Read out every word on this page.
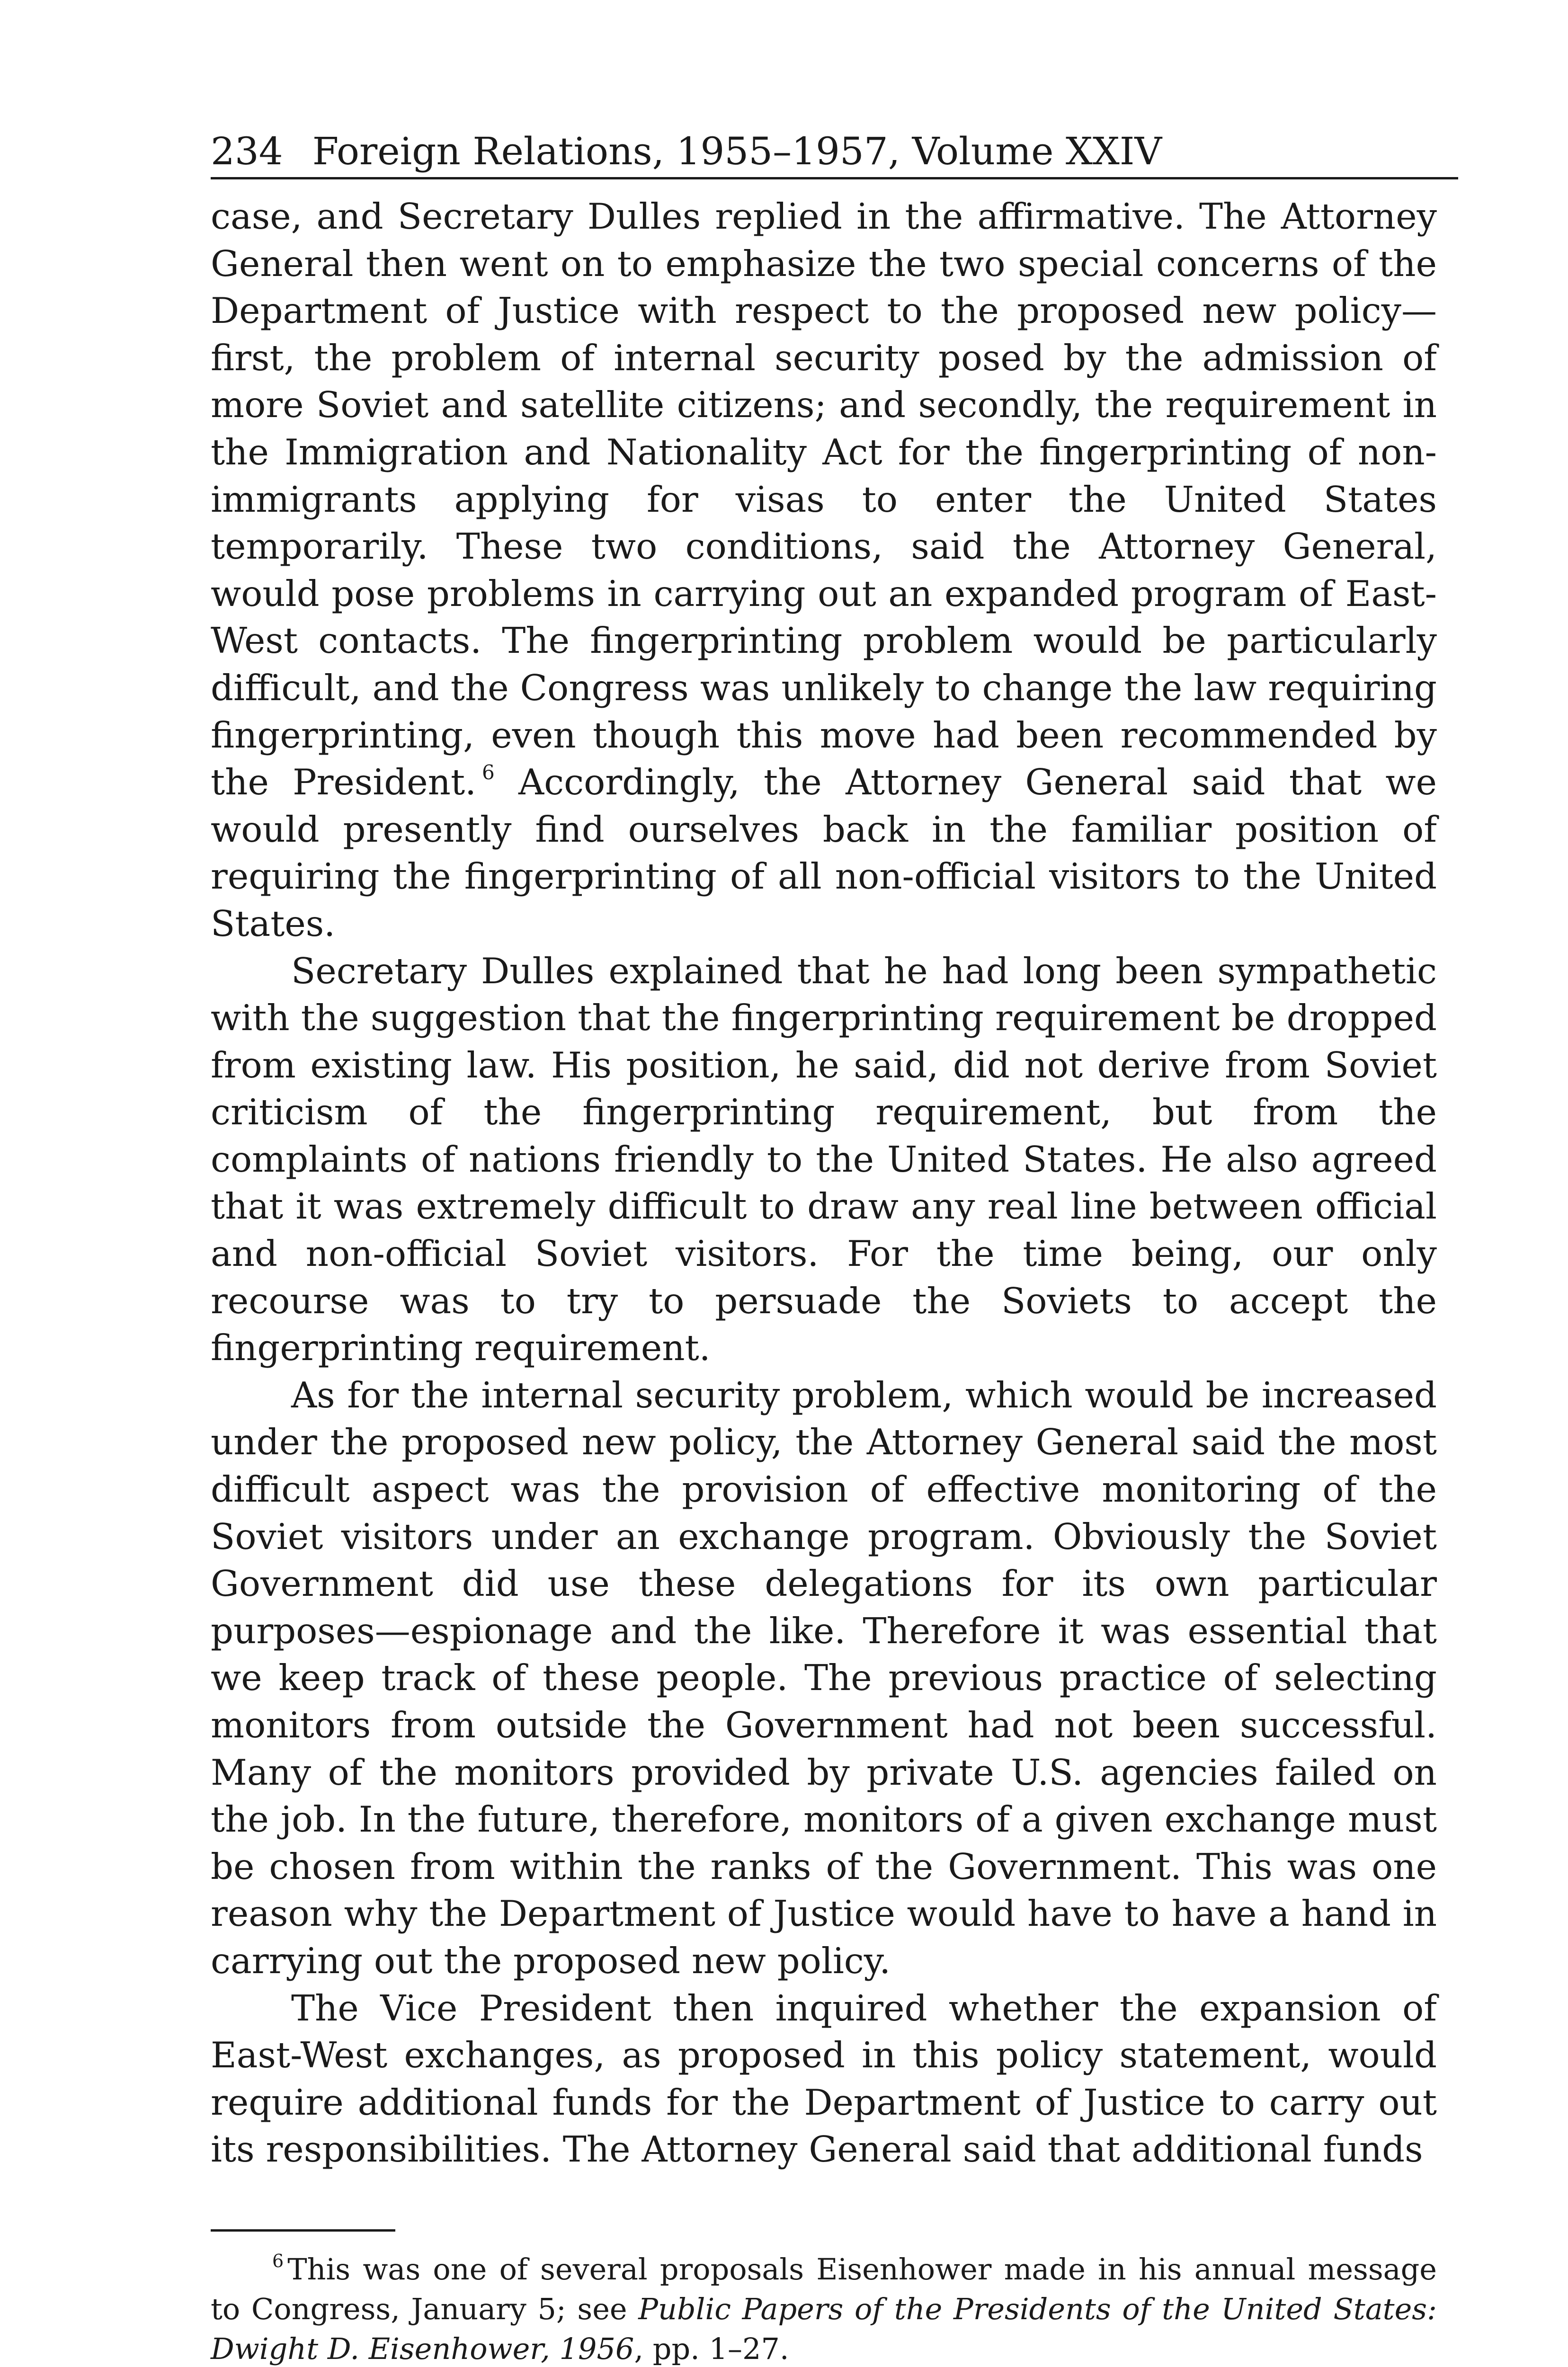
234 Foreign Relations, 1955–1957, Volume XXIV

case, and Secretary Dulles replied in the affirmative. The Attorney General then went on to emphasize the two special concerns of the Department of Justice with respect to the proposed new policy—first, the problem of internal security posed by the admission of more Soviet and satellite citizens; and secondly, the requirement in the Immigration and Nationality Act for the fingerprinting of non-immigrants applying for visas to enter the United States temporarily. These two conditions, said the Attorney General, would pose problems in carrying out an expanded program of East-West contacts. The fingerprinting problem would be particularly difficult, and the Congress was unlikely to change the law requiring fingerprinting, even though this move had been recommended by the President. $^6$ Accordingly, the Attorney General said that we would presently find ourselves back in the familiar position of requiring the fingerprinting of all non-official visitors to the United States.

Secretary Dulles explained that he had long been sympathetic with the suggestion that the fingerprinting requirement be dropped from existing law. His position, he said, did not derive from Soviet criticism of the fingerprinting requirement, but from the complaints of nations friendly to the United States. He also agreed that it was extremely difficult to draw any real line between official and non-official Soviet visitors. For the time being, our only recourse was to try to persuade the Soviets to accept the fingerprinting requirement.

As for the internal security problem, which would be increased under the proposed new policy, the Attorney General said the most difficult aspect was the provision of effective monitoring of the Soviet visitors under an exchange program. Obviously the Soviet Government did use these delegations for its own particular purposes—espionage and the like. Therefore it was essential that we keep track of these people. The previous practice of selecting monitors from outside the Government had not been successful. Many of the monitors provided by private U.S. agencies failed on the job. In the future, therefore, monitors of a given exchange must be chosen from within the ranks of the Government. This was one reason why the Department of Justice would have to have a hand in carrying out the proposed new policy.

The Vice President then inquired whether the expansion of East-West exchanges, as proposed in this policy statement, would require additional funds for the Department of Justice to carry out its responsibilities. The Attorney General said that additional funds

$^6$ This was one of several proposals Eisenhower made in his annual message to Congress, January 5; see Public Papers of the Presidents of the United States: Dwight D. Eisenhower, 1956, pp. 1–27.
